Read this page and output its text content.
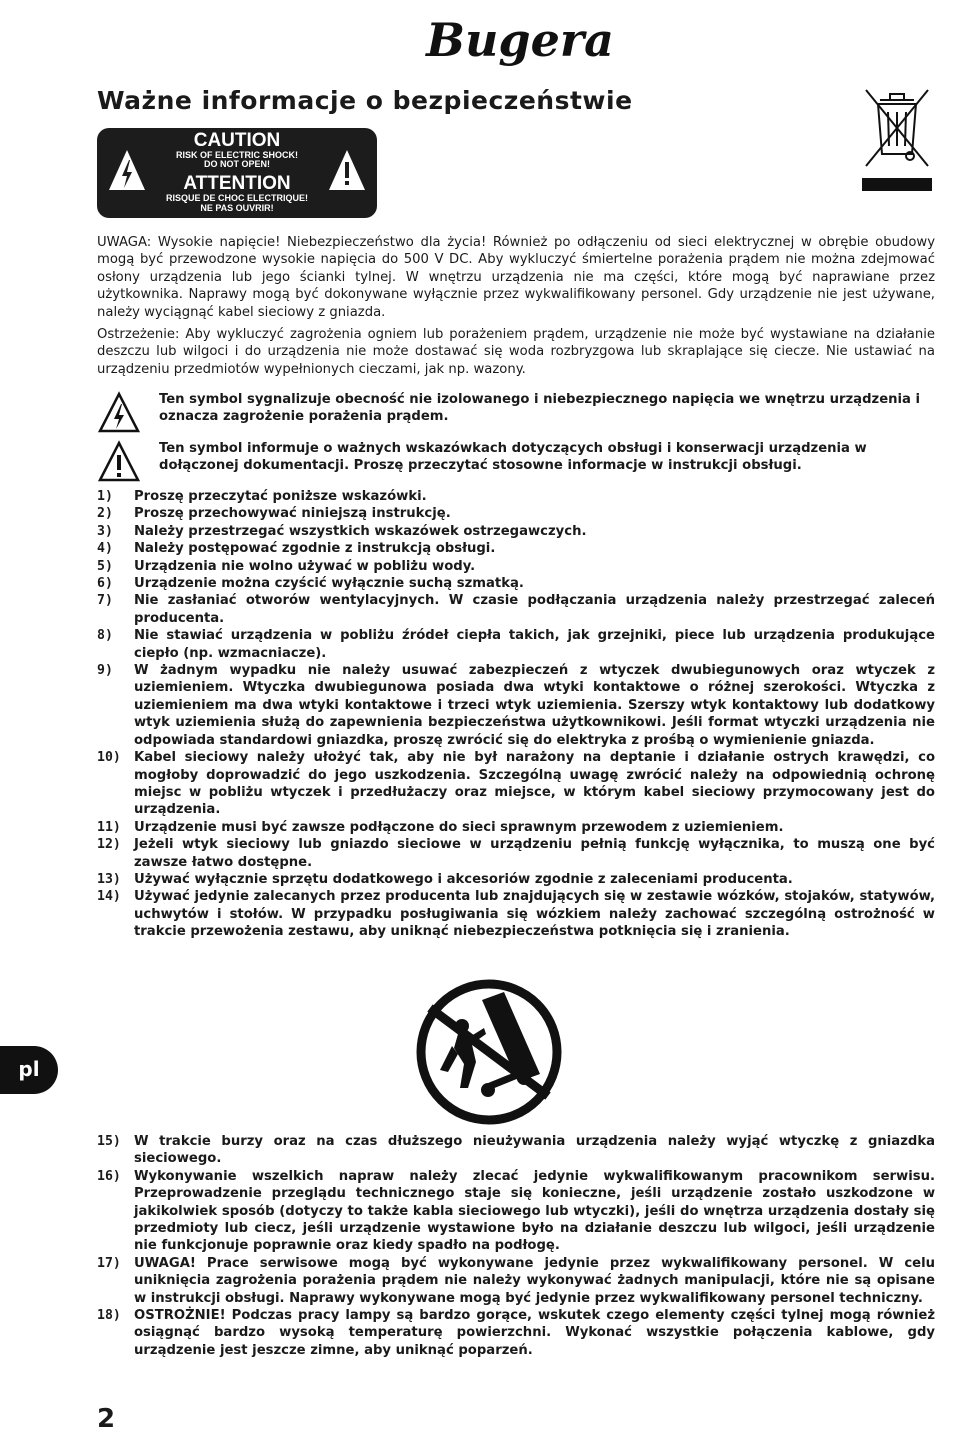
Bugera
Ważne informacje o bezpieczeństwie
CAUTION
RISK OF ELECTRIC SHOCK!
DO NOT OPEN!
ATTENTION
RISQUE DE CHOC ELECTRIQUE!
NE PAS OUVRIR!
UWAGA: Wysokie napięcie! Niebezpieczeństwo dla życia! Również po odłączeniu od sieci elektrycznej w obrębie obudowy mogą być przewodzone wysokie napięcia do 500 V DC. Aby wykluczyć śmiertelne porażenia prądem nie można zdejmować osłony urządzenia lub jego ścianki tylnej. W wnętrzu urządzenia nie ma części, które mogą być naprawiane przez użytkownika. Naprawy mogą być dokonywane wyłącznie przez wykwalifikowany personel. Gdy urządzenie nie jest używane, należy wyciągnąć kabel sieciowy z gniazda.
Ostrzeżenie: Aby wykluczyć zagrożenia ogniem lub porażeniem prądem, urządzenie nie może być wystawiane na działanie deszczu lub wilgoci i do urządzenia nie może dostawać się woda rozbryzgowa lub skraplające się ciecze. Nie ustawiać na urządzeniu przedmiotów wypełnionych cieczami, jak np. wazony.
Ten symbol sygnalizuje obecność nie izolowanego i niebezpiecznego napięcia we wnętrzu urządzenia i oznacza zagrożenie porażenia prądem.
Ten symbol informuje o ważnych wskazówkach dotyczących obsługi i konserwacji urządzenia w dołączonej dokumentacji. Proszę przeczytać stosowne informacje w instrukcji obsługi.
1) Proszę przeczytać poniższe wskazówki.
2) Proszę przechowywać niniejszą instrukcję.
3) Należy przestrzegać wszystkich wskazówek ostrzegawczych.
4) Należy postępować zgodnie z instrukcją obsługi.
5) Urządzenia nie wolno używać w pobliżu wody.
6) Urządzenie można czyścić wyłącznie suchą szmatką.
7) Nie zasłaniać otworów wentylacyjnych. W czasie podłączania urządzenia należy przestrzegać zaleceń producenta.
8) Nie stawiać urządzenia w pobliżu źródeł ciepła takich, jak grzejniki, piece lub urządzenia produkujące ciepło (np. wzmacniacze).
9) W żadnym wypadku nie należy usuwać zabezpieczeń z wtyczek dwubiegunowych oraz wtyczek z uziemieniem. Wtyczka dwubiegunowa posiada dwa wtyki kontaktowe o różnej szerokości. Wtyczka z uziemieniem ma dwa wtyki kontaktowe i trzeci wtyk uziemienia. Szerszy wtyk kontaktowy lub dodatkowy wtyk uziemienia służą do zapewnienia bezpieczeństwa użytkownikowi. Jeśli format wtyczki urządzenia nie odpowiada standardowi gniazdka, proszę zwrócić się do elektryka z prośbą o wymienienie gniazda.
10) Kabel sieciowy należy ułożyć tak, aby nie był narażony na deptanie i działanie ostrych krawędzi, co mogłoby doprowadzić do jego uszkodzenia. Szczególną uwagę zwrócić należy na odpowiednią ochronę miejsc w pobliżu wtyczek i przedłużaczy oraz miejsce, w którym kabel sieciowy przymocowany jest do urządzenia.
11) Urządzenie musi być zawsze podłączone do sieci sprawnym przewodem z uziemieniem.
12) Jeżeli wtyk sieciowy lub gniazdo sieciowe w urządzeniu pełnią funkcję wyłącznika, to muszą one być zawsze łatwo dostępne.
13) Używać wyłącznie sprzętu dodatkowego i akcesoriów zgodnie z zaleceniami producenta.
14) Używać jedynie zalecanych przez producenta lub znajdujących się w zestawie wózków, stojaków, statywów, uchwytów i stołów. W przypadku posługiwania się wózkiem należy zachować szczególną ostrożność w trakcie przewożenia zestawu, aby uniknąć niebezpieczeństwa potknięcia się i zranienia.
pl
15) W trakcie burzy oraz na czas dłuższego nieużywania urządzenia należy wyjąć wtyczkę z gniazdka sieciowego.
16) Wykonywanie wszelkich napraw należy zlecać jedynie wykwalifikowanym pracownikom serwisu. Przeprowadzenie przeglądu technicznego staje się konieczne, jeśli urządzenie zostało uszkodzone w jakikolwiek sposób (dotyczy to także kabla sieciowego lub wtyczki), jeśli do wnętrza urządzenia dostały się przedmioty lub ciecz, jeśli urządzenie wystawione było na działanie deszczu lub wilgoci, jeśli urządzenie nie funkcjonuje poprawnie oraz kiedy spadło na podłogę.
17) UWAGA! Prace serwisowe mogą być wykonywane jedynie przez wykwalifikowany personel. W celu uniknięcia zagrożenia porażenia prądem nie należy wykonywać żadnych manipulacji, które nie są opisane w instrukcji obsługi. Naprawy wykonywane mogą być jedynie przez wykwalifikowany personel techniczny.
18) OSTROŻNIE! Podczas pracy lampy są bardzo gorące, wskutek czego elementy części tylnej mogą również osiągnąć bardzo wysoką temperaturę powierzchni. Wykonać wszystkie połączenia kablowe, gdy urządzenie jest jeszcze zimne, aby uniknąć poparzeń.
2
